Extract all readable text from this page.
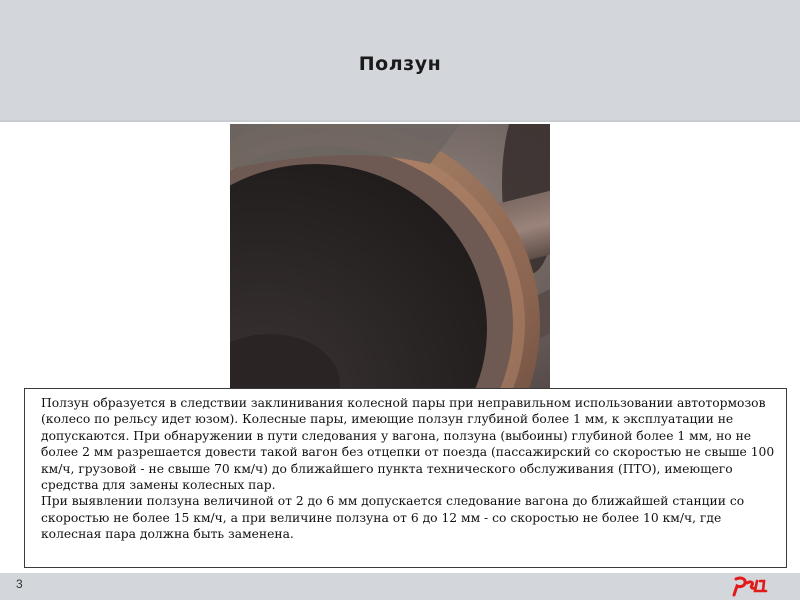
Ползун

Ползун образуется в следствии заклинивания колесной пары при неправильном использовании автотормозов (колесо по рельсу идет юзом). Колесные пары, имеющие ползун глубиной более 1 мм, к эксплуатации не допускаются. При обнаружении в пути следования у вагона, ползуна (выбоины) глубиной более 1 мм, но не более 2 мм разрешается довести такой вагон без отцепки от поезда (пассажирский со скоростью не свыше 100 км/ч, грузовой - не свыше 70 км/ч) до ближайшего пункта технического обслуживания (ПТО), имеющего средства для замены колесных пар.

При выявлении ползуна величиной от 2 до 6 мм допускается следование вагона до ближайшей станции со скоростью не более 15 км/ч, а при величине ползуна от 6 до 12 мм - со скоростью не более 10 км/ч, где колесная пара должна быть заменена.

3
